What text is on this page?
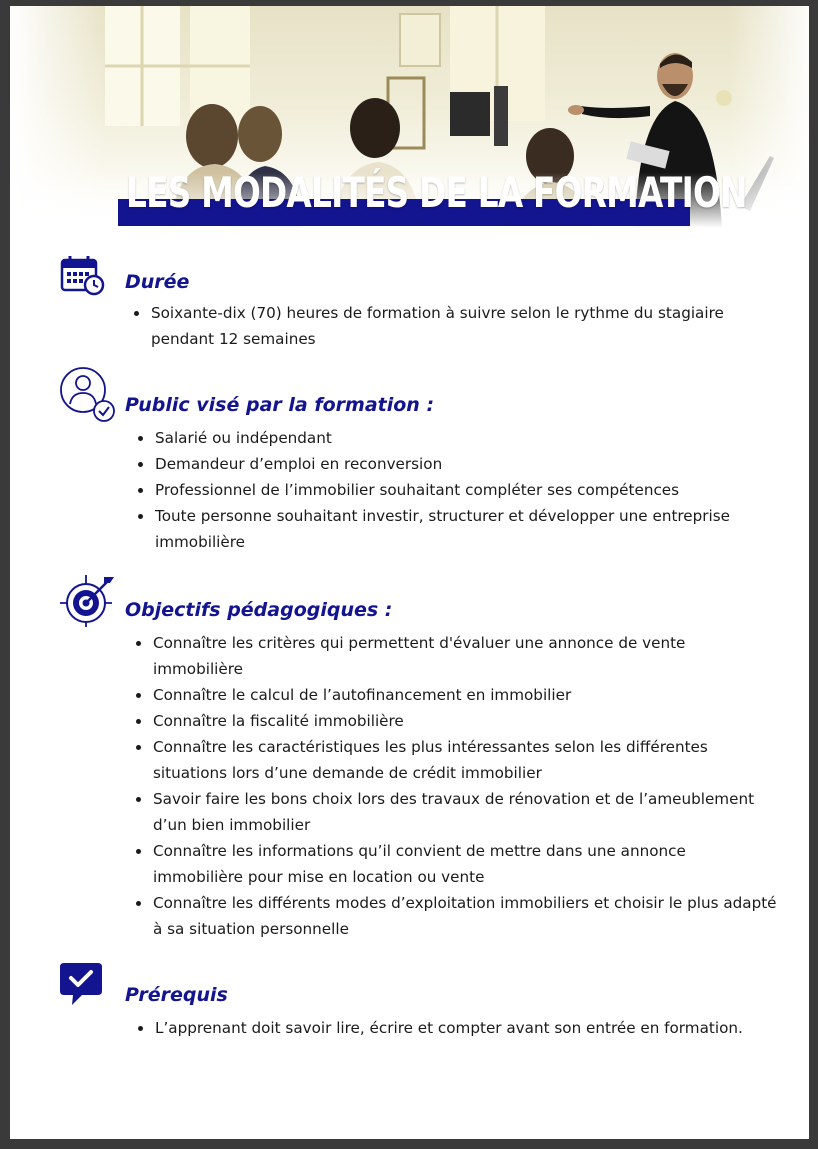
LES MODALITÉS DE LA FORMATION
Durée
Soixante-dix (70) heures de formation à suivre selon le rythme du stagiaire pendant 12 semaines
Public visé par la formation :
Salarié ou indépendant
Demandeur d’emploi en reconversion
Professionnel de l’immobilier souhaitant compléter ses compétences
Toute personne souhaitant investir, structurer et développer une entreprise immobilière
Objectifs pédagogiques :
Connaître les critères qui permettent d'évaluer une annonce de vente immobilière
Connaître le calcul de l’autofinancement en immobilier
Connaître la fiscalité immobilière
Connaître les caractéristiques les plus intéressantes selon les différentes situations lors d’une demande de crédit immobilier
Savoir faire les bons choix lors des travaux de rénovation et de l’ameublement d’un bien immobilier
Connaître les informations qu’il convient de mettre dans une annonce immobilière pour mise en location ou vente
Connaître les différents modes d’exploitation immobiliers et choisir le plus adapté à sa situation personnelle
Prérequis
L’apprenant doit savoir lire, écrire et compter avant son entrée en formation.
